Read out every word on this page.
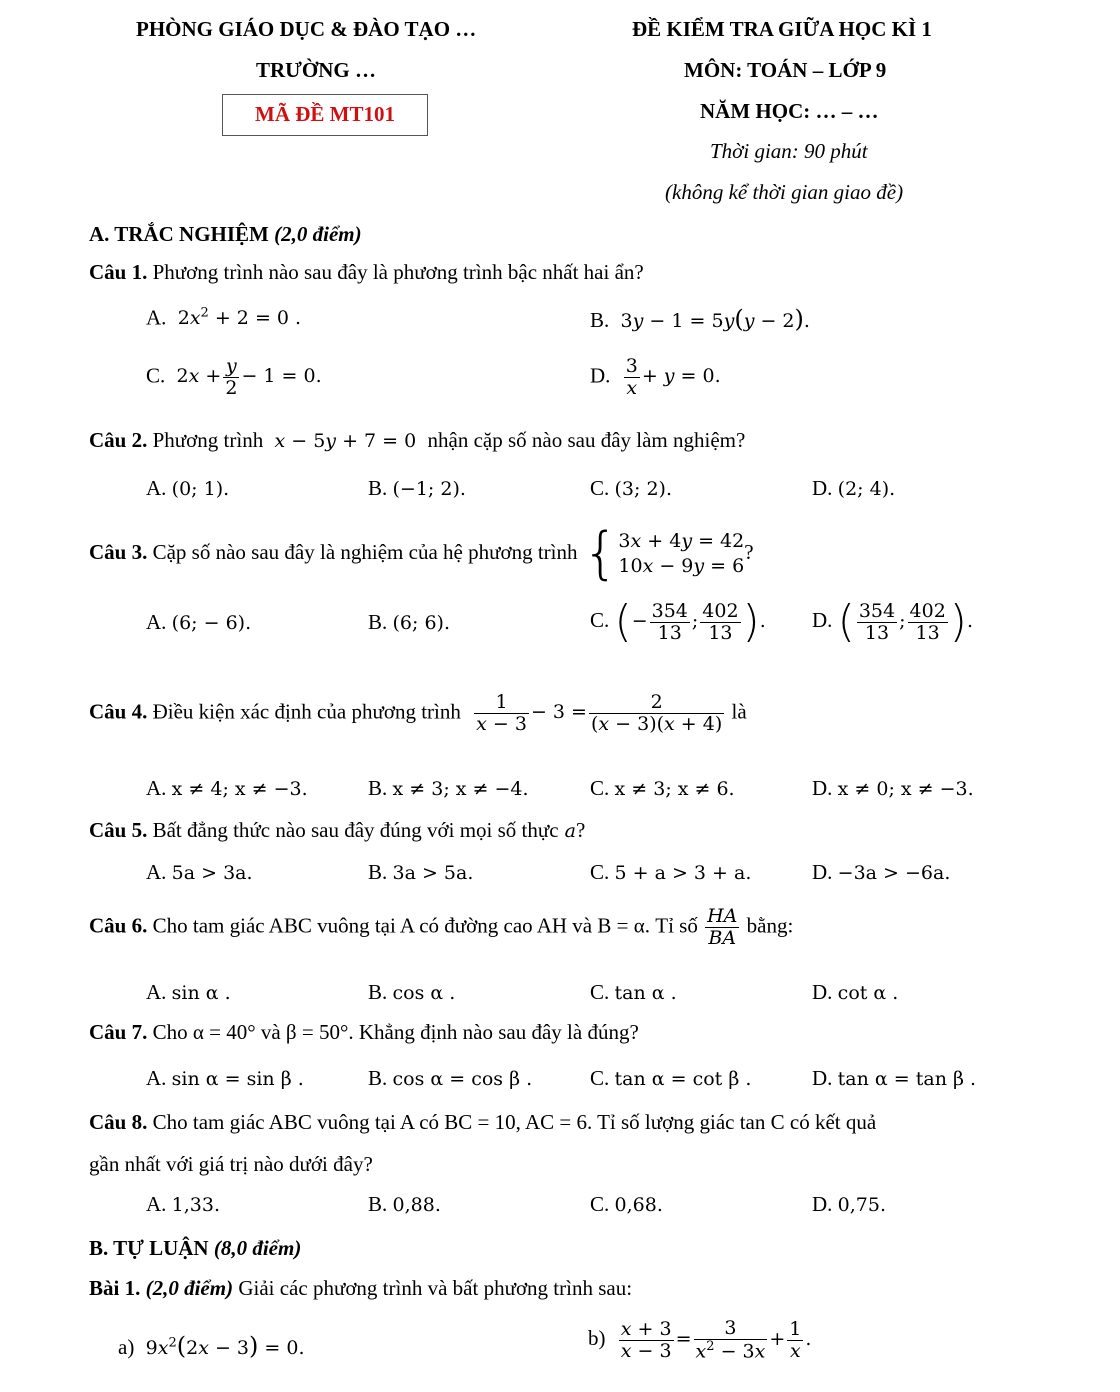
PHÒNG GIÁO DỤC & ĐÀO TẠO …
TRƯỜNG …
MÃ ĐỀ MT101
ĐỀ KIỂM TRA GIỮA HỌC KÌ 1
MÔN: TOÁN – LỚP 9
NĂM HỌC: … – …
Thời gian: 90 phút
(không kể thời gian giao đề)
A. TRẮC NGHIỆM (2,0 điểm)
Câu 1. Phương trình nào sau đây là phương trình bậc nhất hai ẩn?
A.  $2x^2 + 2 = 0$ .	B.  3y − 1 = 5y(y − 2).
C.  $2x + \frac{y}{2} - 1 = 0$.	D. $\frac{3}{x} + y = 0$.
Câu 2. Phương trình x − 5y + 7 = 0  nhận cặp số nào sau đây làm nghiệm?
A. (0; 1).	B. (−1; 2).	C. (3; 2).	D. (2; 4).
Câu 3. Cặp số nào sau đây là nghiệm của hệ phương trình {3x + 4y = 42
10x − 9y = 6?
A. (6; − 6).	B. (6; 6).	C. (− $\frac{354}{13}$ ; $\frac{402}{13}$ ). D. ( $\frac{354}{13}$ ; $\frac{402}{13}$ ).
Câu 4. Điều kiện xác định của phương trình $\frac{1}{x - 3} - 3 = \frac{2}{(x - 3)(x + 4)}$ là
A. x ≠ 4; x ≠ −3.	B. x ≠ 3; x ≠ −4.	C. x ≠ 3; x ≠ 6.	D. x ≠ 0; x ≠ −3.
Câu 5. Bất đẳng thức nào sau đây đúng với mọi số thực a?
A. 5a > 3a.	B. 3a > 5a.	C. 5 + a > 3 + a.	D. −3a > −6a.
Câu 6. Cho tam giác ABC vuông tại A có đường cao AH và B = α. Tỉ số $\frac{HA}{BA}$ bằng:
A. sin α .	B. cos α .	C. tan α .	D. cot α .
Câu 7. Cho α = 40° và β = 50°. Khẳng định nào sau đây là đúng?
A. sin α = sin β .	B. cos α = cos β .	C. tan α = cot β .	D. tan α = tan β .
Câu 8. Cho tam giác ABC vuông tại A có BC = 10, AC = 6. Tỉ số lượng giác tan C có kết quả
gần nhất với giá trị nào dưới đây?
A. 1,33.	B. 0,88.	C. 0,68.	D. 0,75.
B. TỰ LUẬN (8,0 điểm)
Bài 1. (2,0 điểm) Giải các phương trình và bất phương trình sau:
a)  $9x^2(2x - 3) = 0$.	$b) \frac{x + 3}{x - 3} = \frac{3}{x^2 - 3x} + \frac{1}{x}$ .
